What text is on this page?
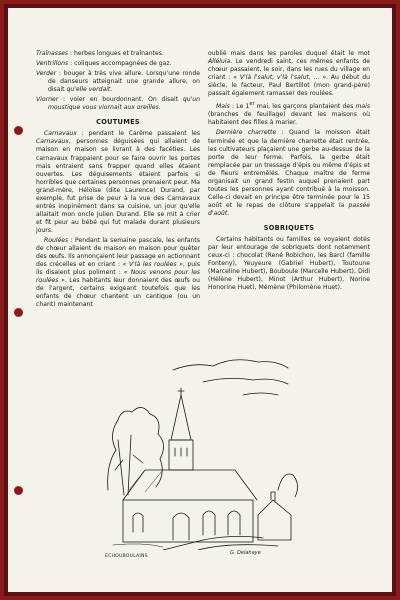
Traînasses : herbes longues et traînantes.

Ventrillons : coliques accompagnées de gaz.

Verder : bouger à très vive allure. Lorsqu'une ronde de danseurs atteignait une grande allure, on disait qu'elle verdait.

Viorner : voler en bourdonnant. On disait qu'un moustique vous viornait aux oreilles.

COUTUMES

Carnavaux : pendant le Carême passaient les Carnavaux, personnes déguisées qui allaient de maison en maison se livrant à des facéties. Les carnavaux frappaient pour se faire ouvrir les portes mais entraient sans frapper quand elles étaient ouvertes. Les déguisements étaient parfois si horribles que certaines personnes prenaient peur. Ma grand-mère, Héloïse (dite Laurence) Durand, par exemple, fut prise de peur à la vue des Carnavaux entrés inopinément dans sa cuisine, un jour qu'elle allaitait mon oncle Julien Durand. Elle se mit à crier et fit peur au bébé qui fut malade durant plusieurs jours.

Roulées : Pendant la semaine pascale, les enfants de chœur allaient de maison en maison pour quêter des œufs. Ils annonçaient leur passage en actionnant des crécelles et en criant : « V'là les roulées », puis ils disaient plus poliment : « Nous venons pour les roulées ». Les habitants leur donnaient des œufs ou de l'argent, certains exigeant toutefois que les enfants de chœur chantent un cantique (ou un chant) maintenant

oublié mais dans les paroles duquel était le mot Alléluia. Le vendredi saint, ces mêmes enfants de chœur passaient, le soir, dans les rues du village en criant : « V'là l'salut, v'là l'salut, ... ». Au début du siècle, le facteur, Paul Bertillot (mon grand-père) passait également ramasser des roulées.

Mais : Le 1er mai, les garçons plantaient des mais (branches de feuillage) devant les maisons où habitaient des filles à marier.

Dernière charrette : Quand la moisson était terminée et que la dernière charrette était rentrée, les cultivateurs plaçaient une gerbe au-dessus de la porte de leur ferme. Parfois, la gerbe était remplacée par un tressage d'épis ou même d'épis et de fleurs entremêlés. Chaque maître de ferme organisait un grand festin auquel prenaient part toutes les personnes ayant contribué à la moisson. Celle-ci devait en principe être terminée pour le 15 août et le repas de clôture s'appelait la passée d'août.

SOBRIQUETS

Certains habitants ou familles se voyaient dotés par leur entourage de sobriquets dont notamment ceux-ci : chocolat (René Robichon, les Barcl (famille Fonteny), Yeuyeure (Gabriel Hubert), Toutoune (Marceline Hubert), Bouboule (Marcelle Hubert), Didi (Hélène Hubert), Minot (Arthur Hubert), Norine Honorine Huet), Mémène (Philomène Huet).

ÉCHOUBOULAINS
G. Delahaye
